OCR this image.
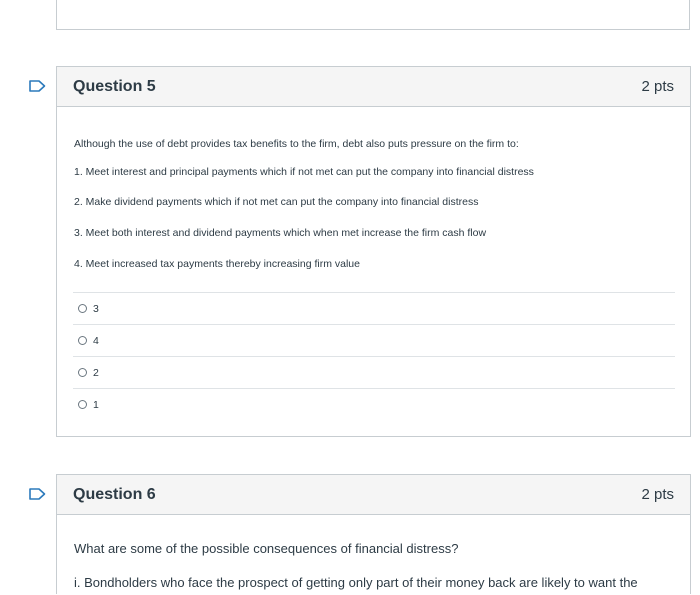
Question 5	2 pts

Although the use of debt provides tax benefits to the firm, debt also puts pressure on the firm to:

1. Meet interest and principal payments which if not met can put the company into financial distress

2. Make dividend payments which if not met can put the company into financial distress

3. Meet both interest and dividend payments which when met increase the firm cash flow

4. Meet increased tax payments thereby increasing firm value

3
4
2
1
Question 6	2 pts
What are some of the possible consequences of financial distress?
i. Bondholders who face the prospect of getting only part of their money back are likely to want the
